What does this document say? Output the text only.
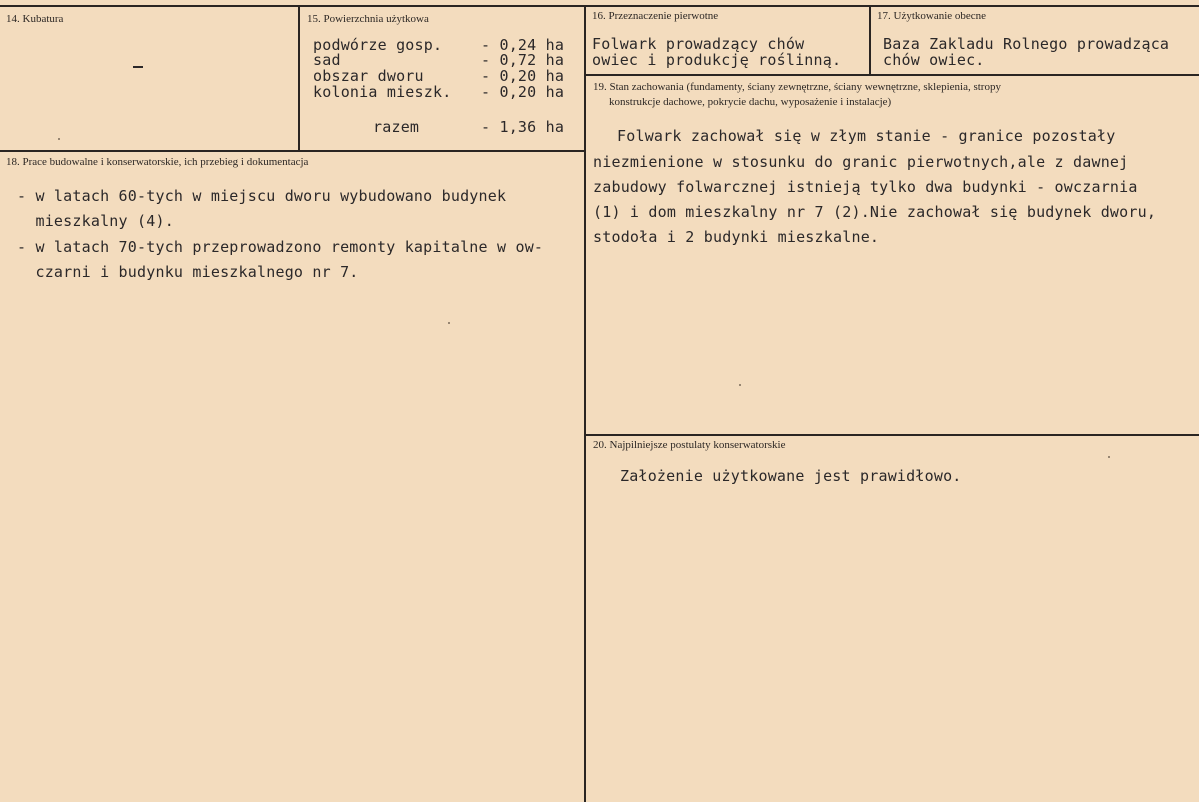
14. Kubatura	15. Powierzchnia użytkowa
podwórze gosp.	- 0,24 ha
sad	- 0,72 ha
obszar dworu	- 0,20 ha
kolonia mieszk. - 0,20 ha
razem	- 1,36 ha
16. Przeznaczenie pierwotne
Folwark prowadzący chów
owiec i produkcję roślinną.
17. Użytkowanie obecne
Baza Zakladu Rolnego prowadząca
chów owiec.
18. Prace budowalne i konserwatorskie, ich przebieg i dokumentacja
- w latach 60-tych w miejscu dworu wybudowano budynek
mieszkalny (4).
- w latach 70-tych przeprowadzono remonty kapitalne w ow-
czarni i budynku mieszkalnego nr 7.
19. Stan zachowania (fundamenty, ściany zewnętrzne, ściany wewnętrzne, sklepienia, stropy
konstrukcje dachowe, pokrycie dachu, wyposażenie i instalacje)
Folwark zachował się w złym stanie - granice pozostały
niezmienione w stosunku do granic pierwotnych,ale z dawnej
zabudowy folwarcznej istnieją tylko dwa budynki - owczarnia
(1) i dom mieszkalny nr 7 (2).Nie zachował się budynek dworu,
stodoła i 2 budynki mieszkalne.
20. Najpilniejsze postulaty konserwatorskie
Założenie użytkowane jest prawidłowo.
